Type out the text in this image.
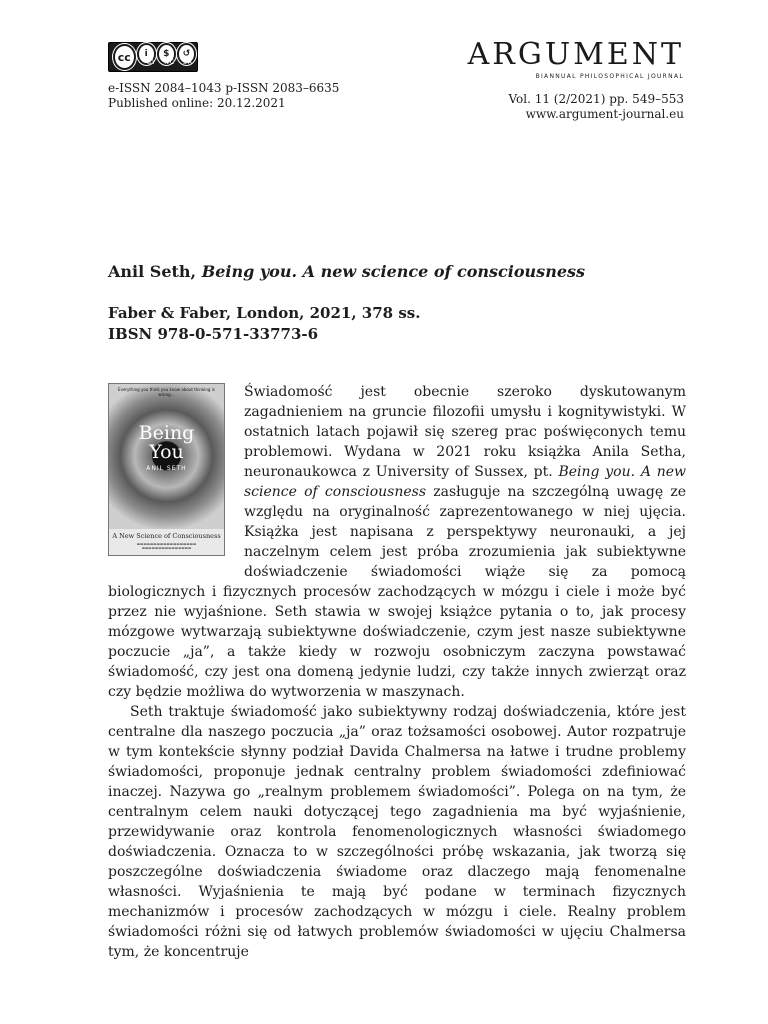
cc	i	$	↺
BY NC SA
e-ISSN 2084–1043 p-ISSN 2083–6635
Published online: 20.12.2021
ARGUMENT
BIANNUAL PHILOSOPHICAL JOURNAL
Vol. 11 (2/2021) pp. 549–553
www.argument-journal.eu
Anil Seth, Being you. A new science of consciousness
Faber & Faber, London, 2021, 378 ss.
IBSN 978-0-571-33773-6
Everything you think you know about thinking is wrong…
Being
You
ANIL SETH
A New Science of Consciousness
▬▬▬▬▬▬▬▬▬▬▬▬▬▬▬▬▬▬
▬▬▬▬▬▬▬▬▬▬▬▬▬▬▬

Świadomość jest obecnie szeroko dyskutowanym zagadnieniem na gruncie filozofii umysłu i kognitywistyki. W ostatnich latach pojawił się szereg prac poświęconych temu problemowi. Wydana w 2021 roku książka Anila Setha, neuronaukowca z University of Sussex, pt. Being you. A new science of consciousness zasługuje na szczególną uwagę ze względu na oryginalność zaprezentowanego w niej ujęcia. Książka jest napisana z perspektywy neuronauki, a jej naczelnym celem jest próba zrozumienia jak subiektywne doświadczenie świadomości wiąże się za pomocą biologicznych i fizycznych procesów zachodzących w mózgu i ciele i może być przez nie wyjaśnione. Seth stawia w swojej książce pytania o to, jak procesy mózgowe wytwarzają subiektywne doświadczenie, czym jest nasze subiektywne poczucie „ja”, a także kiedy w rozwoju osobniczym zaczyna powstawać świadomość, czy jest ona domeną jedynie ludzi, czy także innych zwierząt oraz czy będzie możliwa do wytworzenia w maszynach.

Seth traktuje świadomość jako subiektywny rodzaj doświadczenia, które jest centralne dla naszego poczucia „ja” oraz tożsamości osobowej. Autor rozpatruje w tym kontekście słynny podział Davida Chalmersa na łatwe i trudne problemy świadomości, proponuje jednak centralny problem świadomości zdefiniować inaczej. Nazywa go „realnym problemem świadomości”. Polega on na tym, że centralnym celem nauki dotyczącej tego zagadnienia ma być wyjaśnienie, przewidywanie oraz kontrola fenomenologicznych własności świadomego doświadczenia. Oznacza to w szczególności próbę wskazania, jak tworzą się poszczególne doświadczenia świadome oraz dlaczego mają fenomenalne własności. Wyjaśnienia te mają być podane w terminach fizycznych mechanizmów i procesów zachodzących w mózgu i ciele. Realny problem świadomości różni się od łatwych problemów świadomości w ujęciu Chalmersa tym, że koncentruje
